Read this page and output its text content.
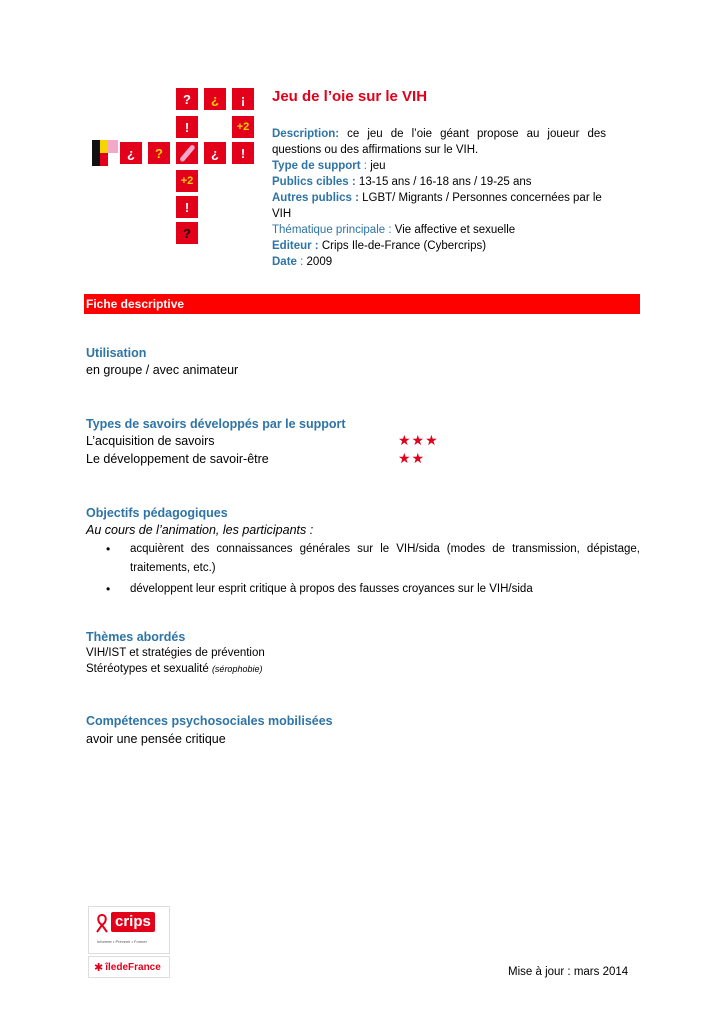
?	¿	¡
!	+2
¿	?	¿	!
+2
!
?
Jeu de l’oie sur le VIH

Description: ce jeu de l’oie géant propose au joueur des questions ou des affirmations sur le VIH.

Type de support : jeu

Publics cibles : 13-15 ans / 16-18 ans / 19-25 ans

Autres publics : LGBT/ Migrants / Personnes concernées par le VIH

Thématique principale : Vie affective et sexuelle

Editeur : Crips Ile-de-France (Cybercrips)

Date : 2009

Fiche descriptive
Utilisation
en groupe / avec animateur
Types de savoirs développés par le support
L’acquisition de savoirs	★★★
Le développement de savoir-être	★★
Objectifs pédagogiques
Au cours de l’animation, les participants :
• acquièrent des connaissances générales sur le VIH/sida (modes de transmission, dépistage, traitements, etc.)
• développent leur esprit critique à propos des fausses croyances sur le VIH/sida
Thèmes abordés
VIH/IST et stratégies de prévention
Stéréotypes et sexualité (sérophobie)
Compétences psychosociales mobilisées
avoir une pensée critique
crips
Informer • Prévenir • Former
✱ îledeFrance	Mise à jour : mars 2014
